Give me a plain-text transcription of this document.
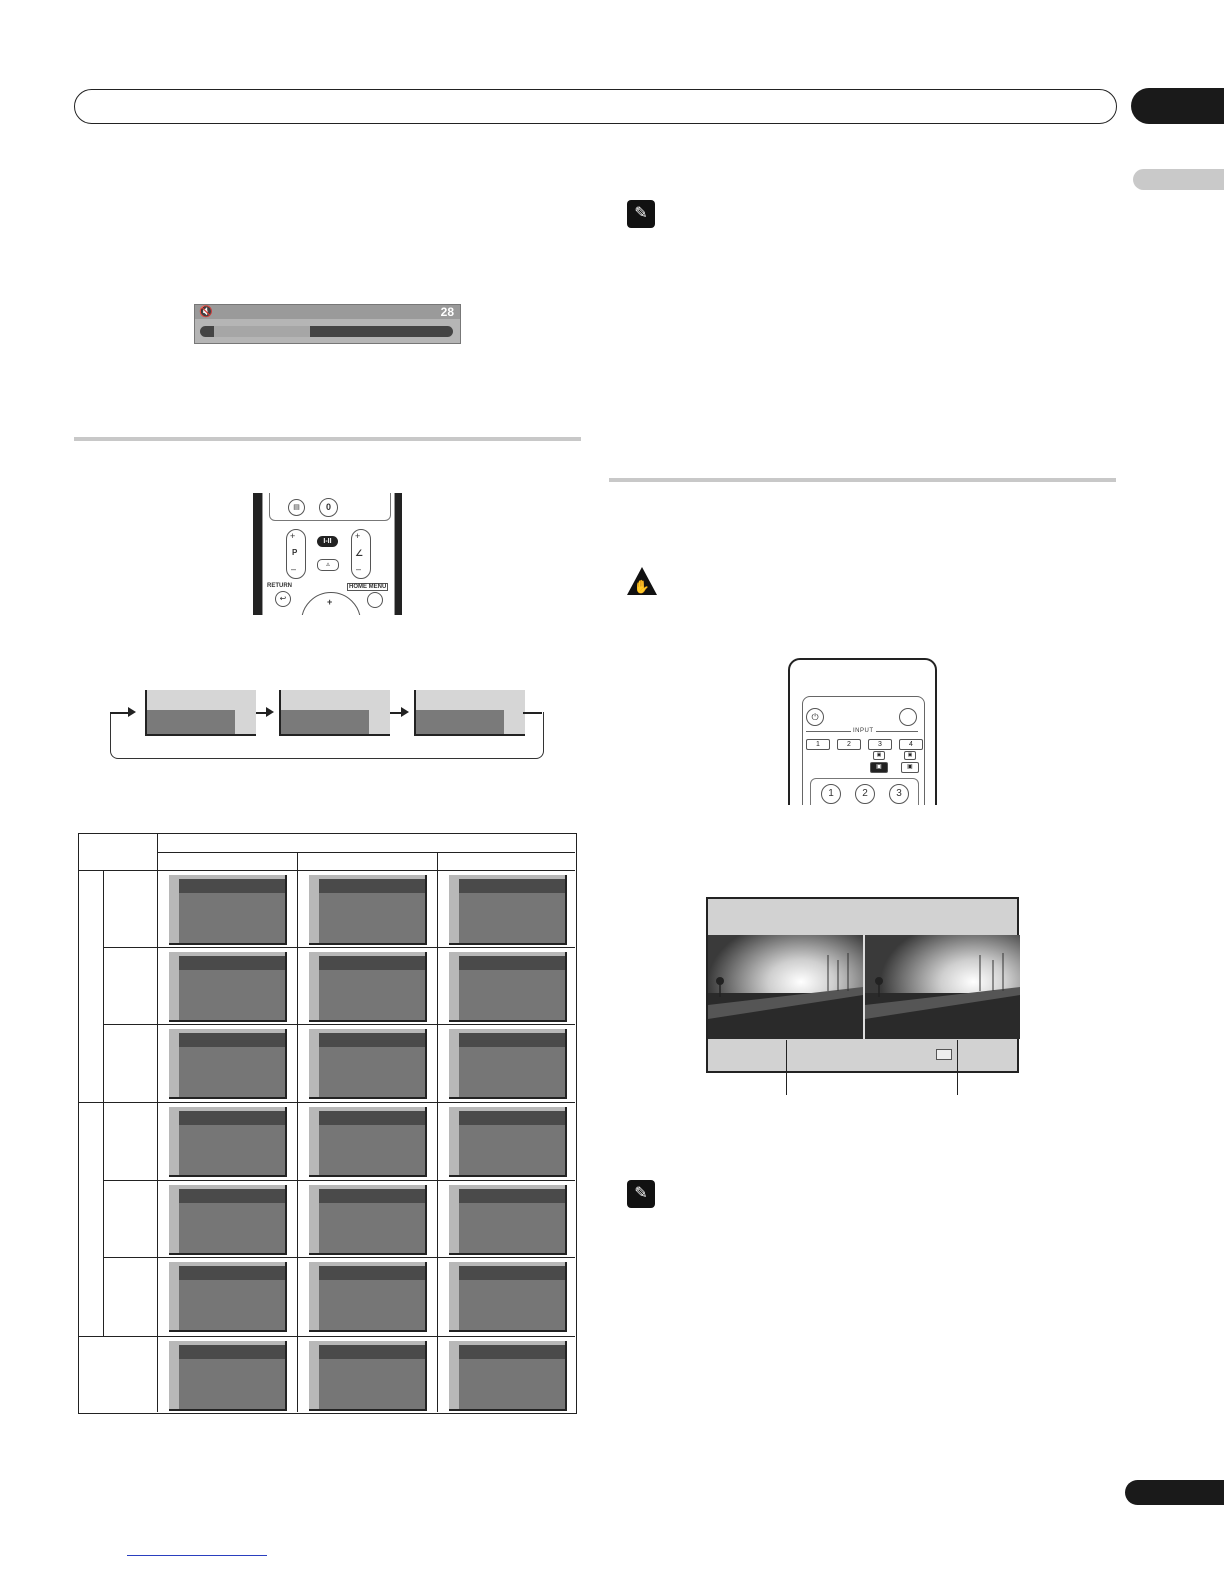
🔇	28
▤	0
+
P
–
I-II
▵
+
∠
–
RETURN
↩
HOME MENU
+
✎
✋
⏻
INPUT
1	2	3	4
▣	▣
▣	▣
1	2	3
✎
